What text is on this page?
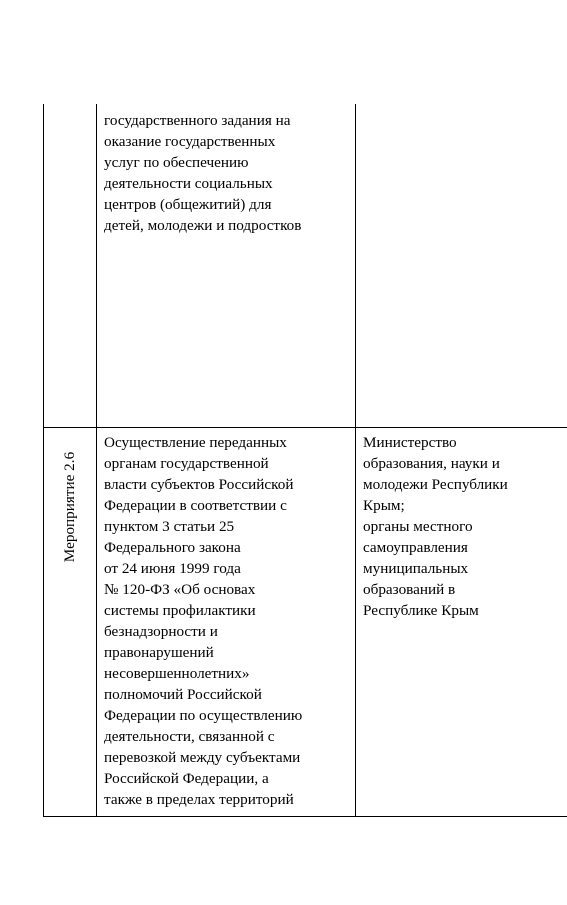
государственного задания на
оказание государственных
услуг по обеспечению
деятельности социальных
центров (общежитий) для
детей, молодежи и подростков
Мероприятие 2.6
Осуществление переданных
органам государственной
власти субъектов Российской
Федерации в соответствии с
пунктом 3 статьи 25
Федерального закона
от 24 июня 1999 года
№ 120-ФЗ «Об основах
системы профилактики
безнадзорности и
правонарушений
несовершеннолетних»
полномочий Российской
Федерации по осуществлению
деятельности, связанной с
перевозкой между субъектами
Российской Федерации, а
также в пределах территорий
Министерство
образования, науки и
молодежи Республики
Крым;
органы местного
самоуправления
муниципальных
образований в
Республике Крым
